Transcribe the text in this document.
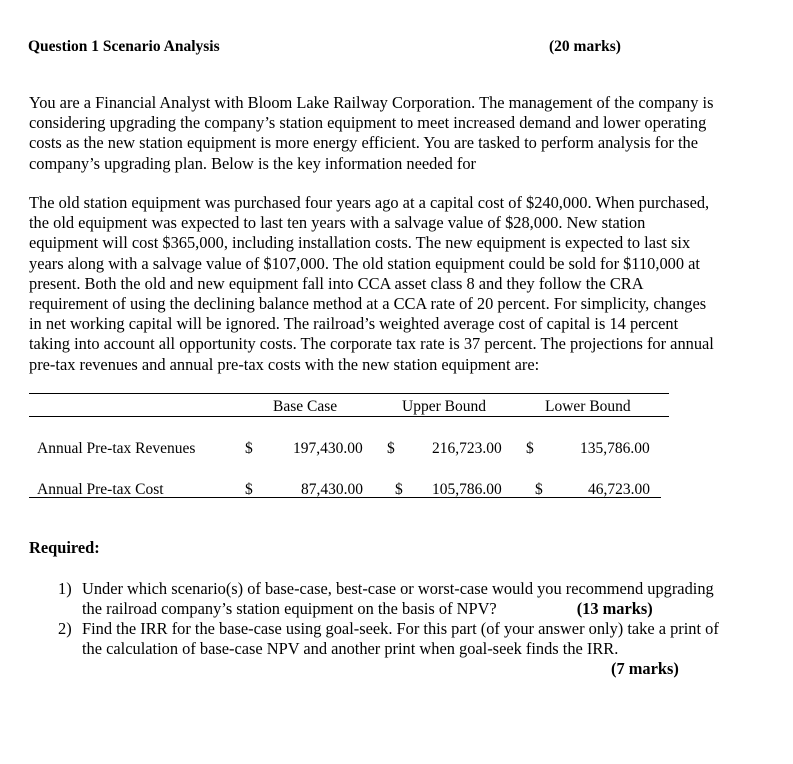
Question 1 Scenario Analysis	(20 marks)
You are a Financial Analyst with Bloom Lake Railway Corporation. The management of the company is
considering upgrading the company’s station equipment to meet increased demand and lower operating
costs as the new station equipment is more energy efficient. You are tasked to perform analysis for the
company’s upgrading plan. Below is the key information needed for
The old station equipment was purchased four years ago at a capital cost of $240,000. When purchased,
the old equipment was expected to last ten years with a salvage value of $28,000. New station
equipment will cost $365,000, including installation costs. The new equipment is expected to last six
years along with a salvage value of $107,000. The old station equipment could be sold for $110,000 at
present. Both the old and new equipment fall into CCA asset class 8 and they follow the CRA
requirement of using the declining balance method at a CCA rate of 20 percent. For simplicity, changes
in net working capital will be ignored. The railroad’s weighted average cost of capital is 14 percent
taking into account all opportunity costs. The corporate tax rate is 37 percent. The projections for annual
pre-tax revenues and annual pre-tax costs with the new station equipment are:
Base Case	Upper Bound	Lower Bound
Annual Pre-tax Revenues	$	197,430.00 $ 216,723.00 $	135,786.00
Annual Pre-tax Cost	$	87,430.00 $ 105,786.00 $	46,723.00
Required:
1) Under which scenario(s) of base-case, best-case or worst-case would you recommend upgrading
the railroad company’s station equipment on the basis of NPV?	(13 marks)
2) Find the IRR for the base-case using goal-seek. For this part (of your answer only) take a print of
the calculation of base-case NPV and another print when goal-seek finds the IRR.
(7 marks)
